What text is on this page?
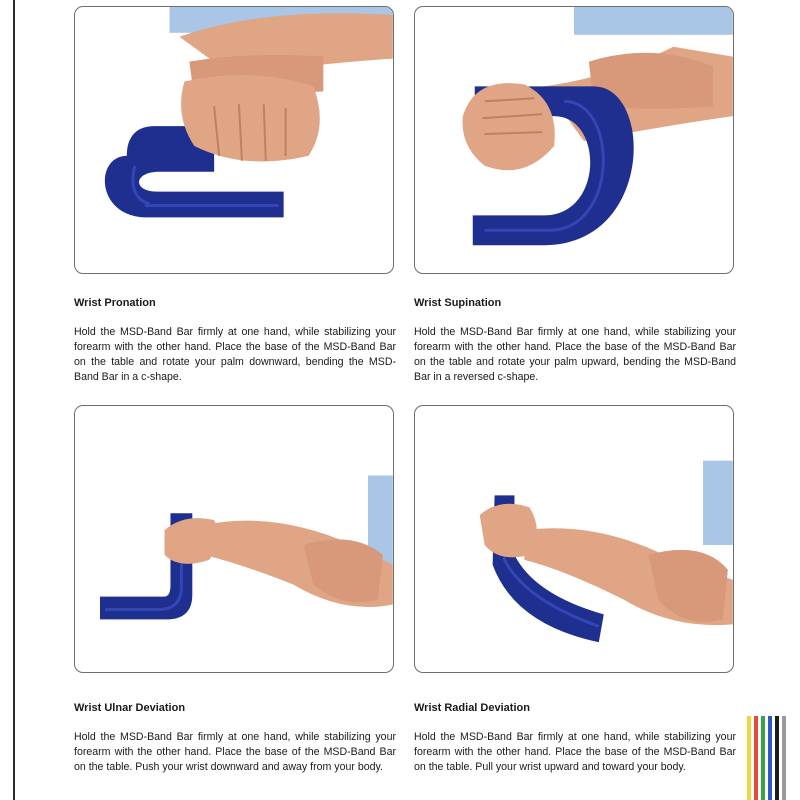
Wrist Pronation

Hold the MSD-Band Bar firmly at one hand, while stabilizing your forearm with the other hand. Place the base of the MSD-Band Bar on the table and rotate your palm downward, bending the MSD-Band Bar in a c-shape.

Wrist Supination

Hold the MSD-Band Bar firmly at one hand, while stabilizing your forearm with the other hand. Place the base of the MSD-Band Bar on the table and rotate your palm upward, bending the MSD-Band Bar in a reversed c-shape.

Wrist Ulnar Deviation

Hold the MSD-Band Bar firmly at one hand, while stabilizing your forearm with the other hand. Place the base of the MSD-Band Bar on the table. Push your wrist downward and away from your body.

Wrist Radial Deviation

Hold the MSD-Band Bar firmly at one hand, while stabilizing your forearm with the other hand. Place the base of the MSD-Band Bar on the table. Pull your wrist upward and toward your body.
